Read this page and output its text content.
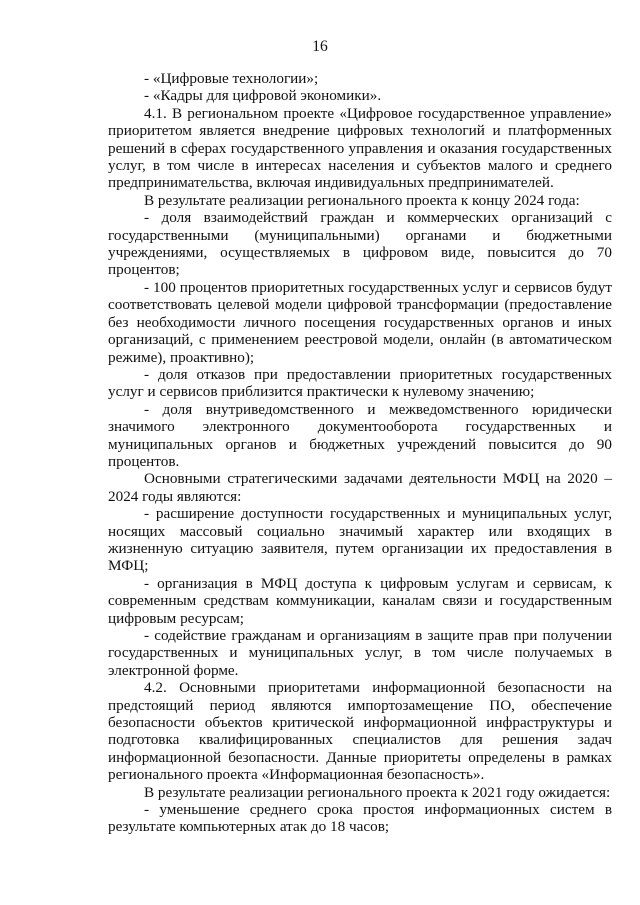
16

- «Цифровые технологии»;

- «Кадры для цифровой экономики».

4.1. В региональном проекте «Цифровое государственное управление» приоритетом является внедрение цифровых технологий и платформенных решений в сферах государственного управления и оказания государственных услуг, в том числе в интересах населения и субъектов малого и среднего предпринимательства, включая индивидуальных предпринимателей.

В результате реализации регионального проекта к концу 2024 года:

- доля взаимодействий граждан и коммерческих организаций с государственными (муниципальными) органами и бюджетными учреждениями, осуществляемых в цифровом виде, повысится до 70 процентов;

- 100 процентов приоритетных государственных услуг и сервисов будут соответствовать целевой модели цифровой трансформации (предоставление без необходимости личного посещения государственных органов и иных организаций, с применением реестровой модели, онлайн (в автоматическом режиме), проактивно);

- доля отказов при предоставлении приоритетных государственных услуг и сервисов приблизится практически к нулевому значению;

- доля внутриведомственного и межведомственного юридически значимого электронного документооборота государственных и муниципальных органов и бюджетных учреждений повысится до 90 процентов.

Основными стратегическими задачами деятельности МФЦ на 2020 – 2024 годы являются:

- расширение доступности государственных и муниципальных услуг, носящих массовый социально значимый характер или входящих в жизненную ситуацию заявителя, путем организации их предоставления в МФЦ;

- организация в МФЦ доступа к цифровым услугам и сервисам, к современным средствам коммуникации, каналам связи и государственным цифровым ресурсам;

- содействие гражданам и организациям в защите прав при получении государственных и муниципальных услуг, в том числе получаемых в электронной форме.

4.2. Основными приоритетами информационной безопасности на предстоящий период являются импортозамещение ПО, обеспечение безопасности объектов критической информационной инфраструктуры и подготовка квалифицированных специалистов для решения задач информационной безопасности. Данные приоритеты определены в рамках регионального проекта «Информационная безопасность».

В результате реализации регионального проекта к 2021 году ожидается:

- уменьшение среднего срока простоя информационных систем в результате компьютерных атак до 18 часов;
